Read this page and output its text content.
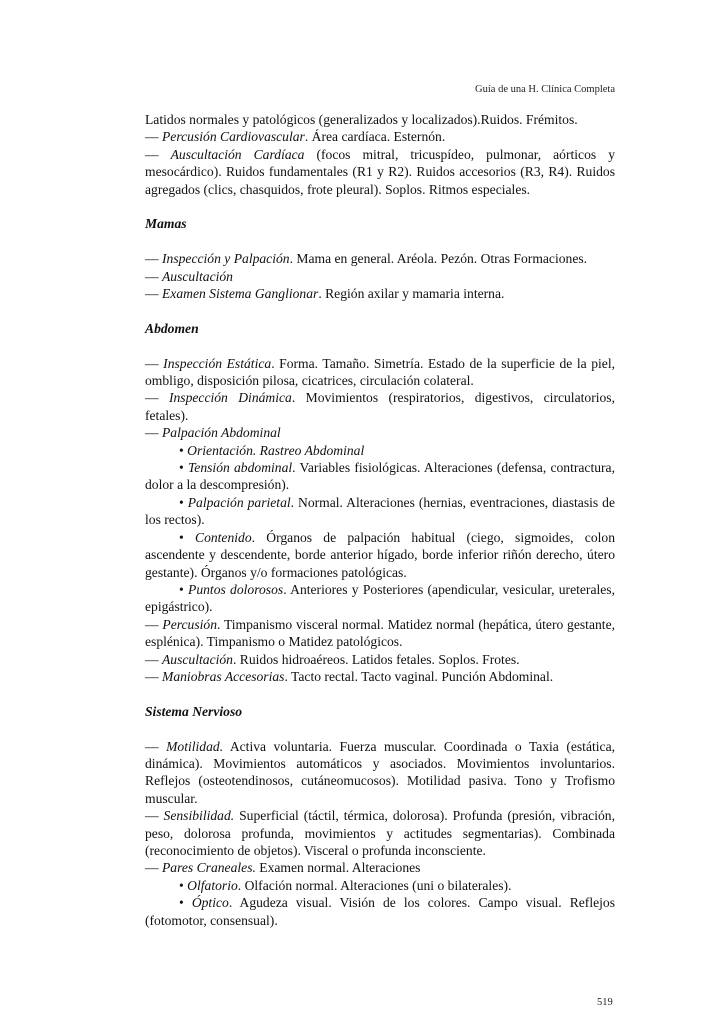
Guía de una H. Clínica Completa

Latidos normales y patológicos (generalizados y localizados).Ruidos. Frémitos.

— Percusión Cardiovascular. Área cardíaca. Esternón.

— Auscultación Cardíaca (focos mitral, tricuspídeo, pulmonar, aórticos y mesocárdico). Ruidos fundamentales (R1 y R2). Ruidos accesorios (R3, R4). Ruidos agregados (clics, chasquidos, frote pleural). Soplos. Ritmos especiales.

Mamas

— Inspección y Palpación. Mama en general. Aréola. Pezón. Otras Formaciones.

— Auscultación

— Examen Sistema Ganglionar. Región axilar y mamaria interna.

Abdomen

— Inspección Estática. Forma. Tamaño. Simetría. Estado de la superficie de la piel, ombligo, disposición pilosa, cicatrices, circulación colateral.

— Inspección Dinámica. Movimientos (respiratorios, digestivos, circulatorios, fetales).

— Palpación Abdominal

• Orientación. Rastreo Abdominal

• Tensión abdominal. Variables fisiológicas. Alteraciones (defensa, contractura, dolor a la descompresión).

• Palpación parietal. Normal. Alteraciones (hernias, eventraciones, diastasis de los rectos).

• Contenido. Órganos de palpación habitual (ciego, sigmoides, colon ascendente y descendente, borde anterior hígado, borde inferior riñón derecho, útero gestante). Órganos y/o formaciones patológicas.

• Puntos dolorosos. Anteriores y Posteriores (apendicular, vesicular, ureterales, epigástrico).

— Percusión. Timpanismo visceral normal. Matidez normal (hepática, útero gestante, esplénica). Timpanismo o Matidez patológicos.

— Auscultación. Ruidos hidroaéreos. Latidos fetales. Soplos. Frotes.

— Maniobras Accesorias. Tacto rectal. Tacto vaginal. Punción Abdominal.

Sistema Nervioso

— Motilidad. Activa voluntaria. Fuerza muscular. Coordinada o Taxia (estática, dinámica). Movimientos automáticos y asociados. Movimientos involuntarios. Reflejos (osteotendinosos, cutáneomucosos). Motilidad pasiva. Tono y Trofismo muscular.

— Sensibilidad. Superficial (táctil, térmica, dolorosa). Profunda (presión, vibración, peso, dolorosa profunda, movimientos y actitudes segmentarias). Combinada (reconocimiento de objetos). Visceral o profunda inconsciente.

— Pares Craneales. Examen normal. Alteraciones

• Olfatorio. Olfación normal. Alteraciones (uni o bilaterales).

• Óptico. Agudeza visual. Visión de los colores. Campo visual. Reflejos (fotomotor, consensual).

519
